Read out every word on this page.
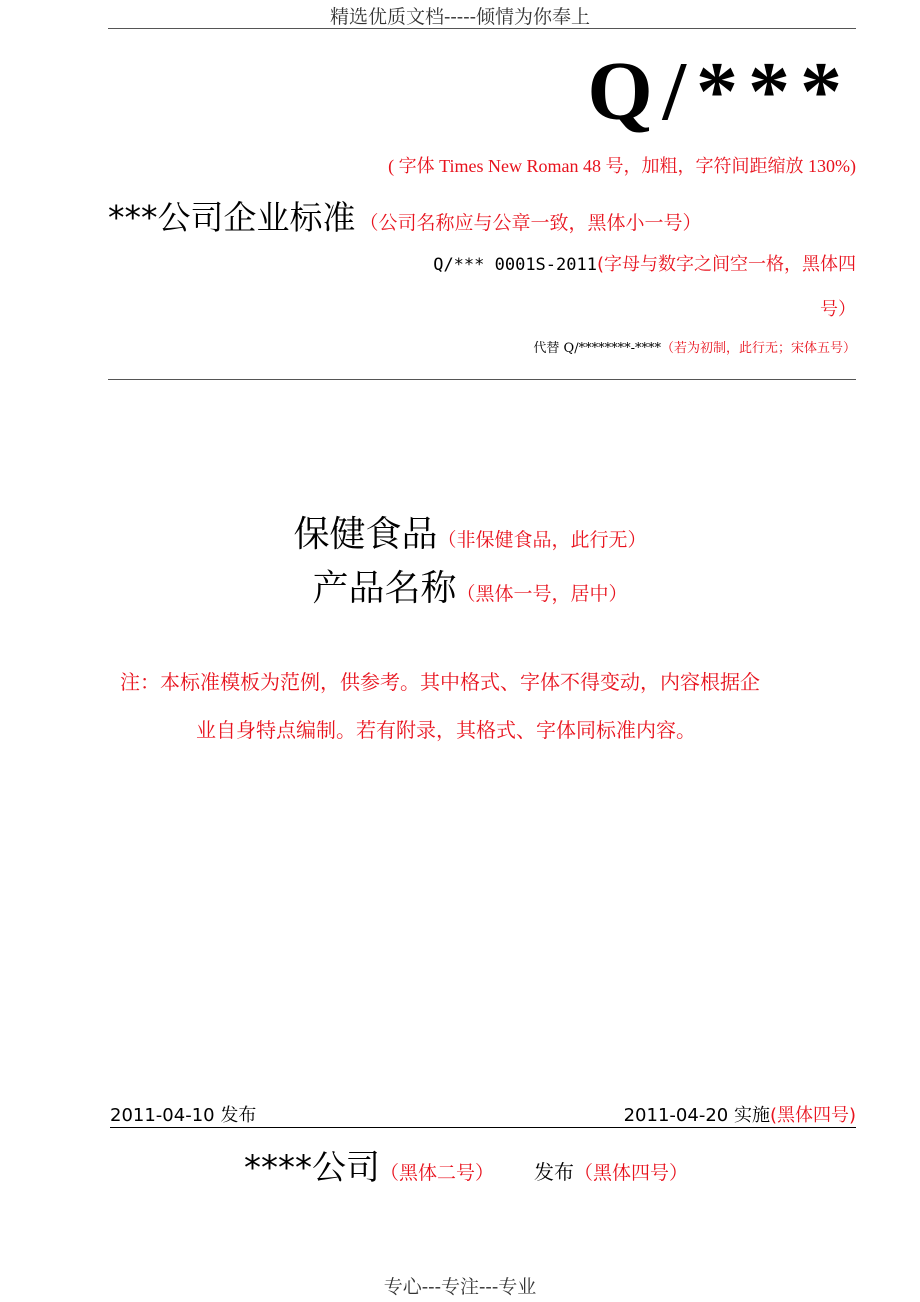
精选优质文档-----倾情为你奉上
Q/***
( 字体 Times New Roman 48 号，加粗，字符间距缩放 130%)
***公司企业标准 （公司名称应与公章一致，黑体小一号）
Q/*** 0001S-2011(字母与数字之间空一格，黑体四
号）
代替 Q/********-****（若为初制，此行无；宋体五号）
保健食品（非保健食品，此行无）
产品名称（黑体一号，居中）
注：本标准模板为范例，供参考。其中格式、字体不得变动，内容根据企
业自身特点编制。若有附录，其格式、字体同标准内容。
2011-04-10 发布	2011-04-20 实施(黑体四号)
****公司（黑体二号） 发布（黑体四号）
专心---专注---专业
